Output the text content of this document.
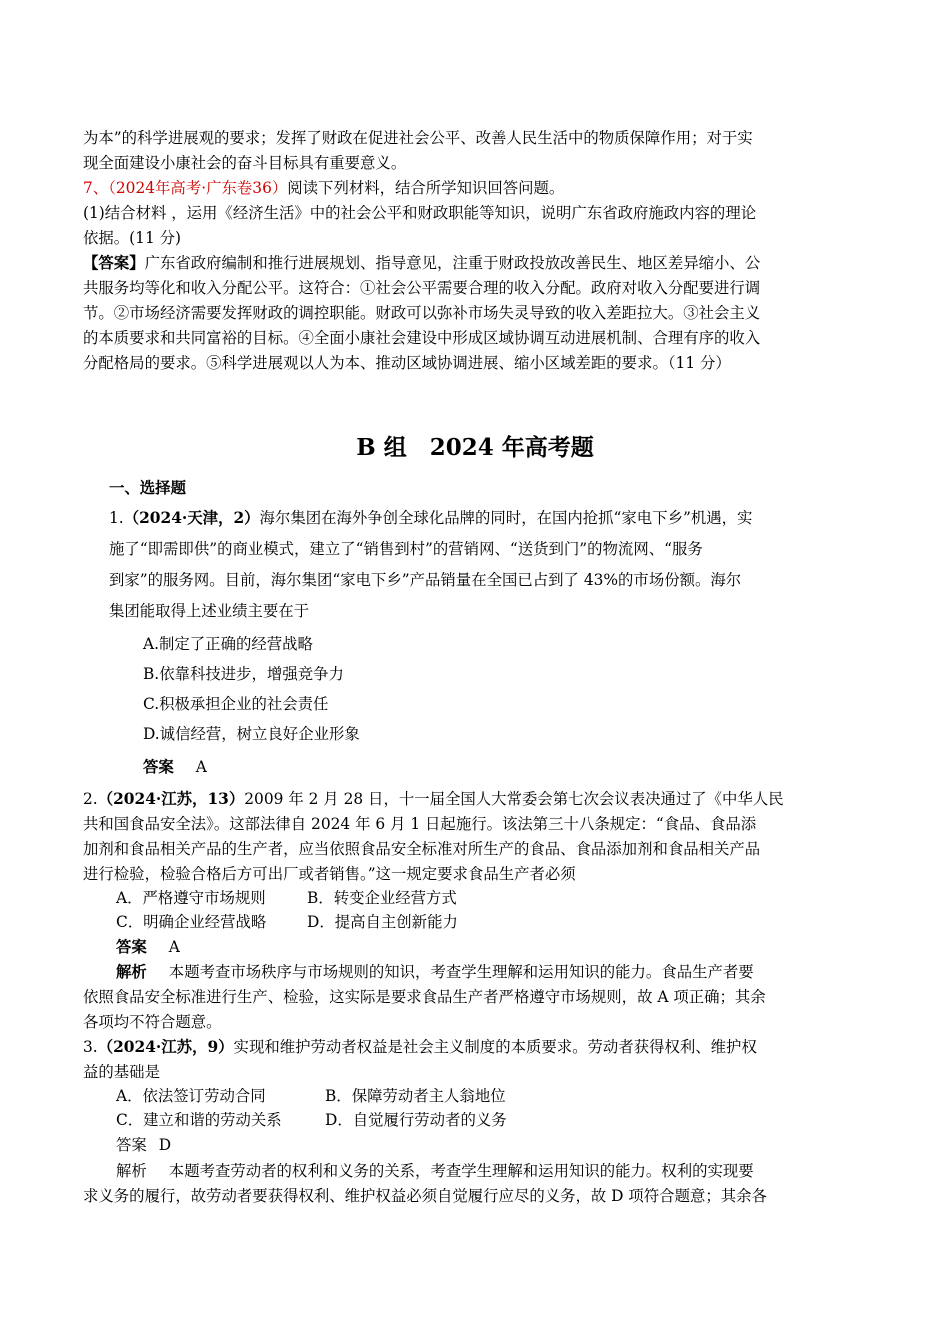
为本”的科学进展观的要求；发挥了财政在促进社会公平、改善人民生活中的物质保障作用；对于实
现全面建设小康社会的奋斗目标具有重要意义。
7、（2024年高考·广东卷36）阅读下列材料，结合所学知识回答问题。
(1)结合材料 ，运用《经济生活》中的社会公平和财政职能等知识，说明广东省政府施政内容的理论
依据。(11 分)
【答案】广东省政府编制和推行进展规划、指导意见，注重于财政投放改善民生、地区差异缩小、公
共服务均等化和收入分配公平。这符合：①社会公平需要合理的收入分配。政府对收入分配要进行调
节。②市场经济需要发挥财政的调控职能。财政可以弥补市场失灵导致的收入差距拉大。③社会主义
的本质要求和共同富裕的目标。④全面小康社会建设中形成区域协调互动进展机制、合理有序的收入
分配格局的要求。⑤科学进展观以人为本、推动区域协调进展、缩小区域差距的要求。（11 分）
B 组　2024 年高考题
一、选择题
1.（2024·天津，2）海尔集团在海外争创全球化品牌的同时，在国内抢抓“家电下乡”机遇，实
施了“即需即供”的商业模式，建立了“销售到村”的营销网、“送货到门”的物流网、“服务
到家”的服务网。目前，海尔集团“家电下乡”产品销量在全国已占到了 43%的市场份额。海尔
集团能取得上述业绩主要在于
A.制定了正确的经营战略
B.依靠科技进步，增强竞争力
C.积极承担企业的社会责任
D.诚信经营，树立良好企业形象
答案 A
2.（2024·江苏，13）2009 年 2 月 28 日，十一届全国人大常委会第七次会议表决通过了《中华人民
共和国食品安全法》。这部法律自 2024 年 6 月 1 日起施行。该法第三十八条规定：“食品、食品添
加剂和食品相关产品的生产者，应当依照食品安全标准对所生产的食品、食品添加剂和食品相关产品
进行检验，检验合格后方可出厂或者销售。”这一规定要求食品生产者必须
A．严格遵守市场规则	B．转变企业经营方式
C．明确企业经营战略	D．提高自主创新能力
答案 A
解析 本题考查市场秩序与市场规则的知识，考查学生理解和运用知识的能力。食品生产者要
依照食品安全标准进行生产、检验，这实际是要求食品生产者严格遵守市场规则，故 A 项正确；其余
各项均不符合题意。
3.（2024·江苏，9）实现和维护劳动者权益是社会主义制度的本质要求。劳动者获得权利、维护权
益的基础是
A．依法签订劳动合同	B．保障劳动者主人翁地位
C．建立和谐的劳动关系	D．自觉履行劳动者的义务
答案 D
解析 本题考查劳动者的权利和义务的关系，考查学生理解和运用知识的能力。权利的实现要
求义务的履行，故劳动者要获得权利、维护权益必须自觉履行应尽的义务，故 D 项符合题意；其余各
